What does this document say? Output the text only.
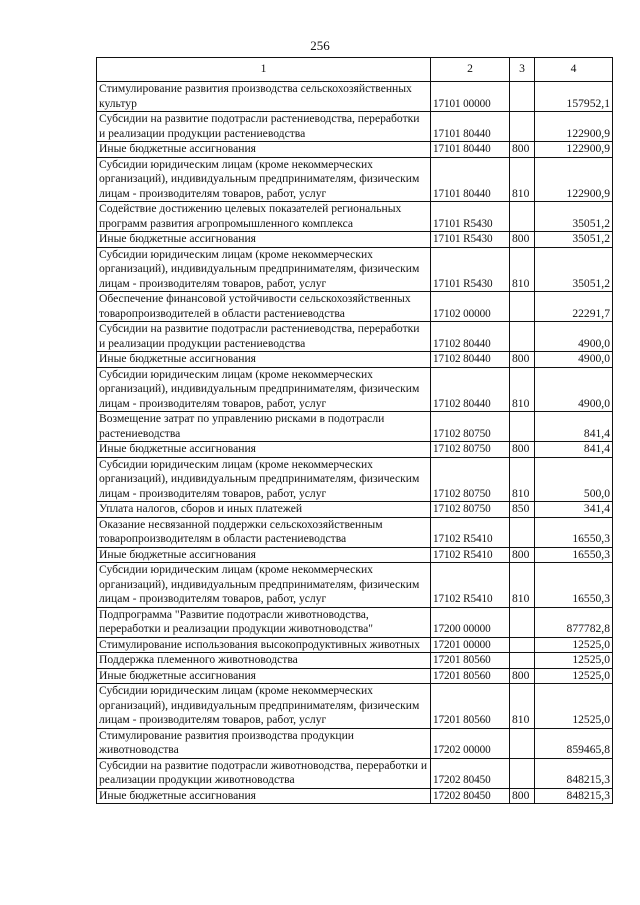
256
1	2	3	4
Стимулирование развития производства сельскохозяйственных культур	17101 00000		157952,1
Субсидии на развитие подотрасли растениеводства, переработки и реализации продукции растениеводства	17101 80440		122900,9
Иные бюджетные ассигнования	17101 80440	800	122900,9
Субсидии юридическим лицам (кроме некоммерческих организаций), индивидуальным предпринимателям, физическим лицам - производителям товаров, работ, услуг	17101 80440	810	122900,9
Содействие достижению целевых показателей региональных программ развития агропромышленного комплекса	17101 R5430		35051,2
Иные бюджетные ассигнования	17101 R5430	800	35051,2
Субсидии юридическим лицам (кроме некоммерческих организаций), индивидуальным предпринимателям, физическим лицам - производителям товаров, работ, услуг	17101 R5430	810	35051,2
Обеспечение финансовой устойчивости сельскохозяйственных товаропроизводителей в области растениеводства	17102 00000		22291,7
Субсидии на развитие подотрасли растениеводства, переработки и реализации продукции растениеводства	17102 80440		4900,0
Иные бюджетные ассигнования	17102 80440	800	4900,0
Субсидии юридическим лицам (кроме некоммерческих организаций), индивидуальным предпринимателям, физическим лицам - производителям товаров, работ, услуг	17102 80440	810	4900,0
Возмещение затрат по управлению рисками в подотрасли растениеводства	17102 80750		841,4
Иные бюджетные ассигнования	17102 80750	800	841,4
Субсидии юридическим лицам (кроме некоммерческих организаций), индивидуальным предпринимателям, физическим лицам - производителям товаров, работ, услуг	17102 80750	810	500,0
Уплата налогов, сборов и иных платежей	17102 80750	850	341,4
Оказание несвязанной поддержки сельскохозяйственным товаропроизводителям в области растениеводства	17102 R5410		16550,3
Иные бюджетные ассигнования	17102 R5410	800	16550,3
Субсидии юридическим лицам (кроме некоммерческих организаций), индивидуальным предпринимателям, физическим лицам - производителям товаров, работ, услуг	17102 R5410	810	16550,3
Подпрограмма "Развитие подотрасли животноводства, переработки и реализации продукции животноводства"	17200 00000		877782,8
Стимулирование использования высокопродуктивных животных	17201 00000		12525,0
Поддержка племенного животноводства	17201 80560		12525,0
Иные бюджетные ассигнования	17201 80560	800	12525,0
Субсидии юридическим лицам (кроме некоммерческих организаций), индивидуальным предпринимателям, физическим лицам - производителям товаров, работ, услуг	17201 80560	810	12525,0
Стимулирование развития производства продукции животноводства	17202 00000		859465,8
Субсидии на развитие подотрасли животноводства, переработки и реализации продукции животноводства	17202 80450		848215,3
Иные бюджетные ассигнования	17202 80450	800	848215,3
